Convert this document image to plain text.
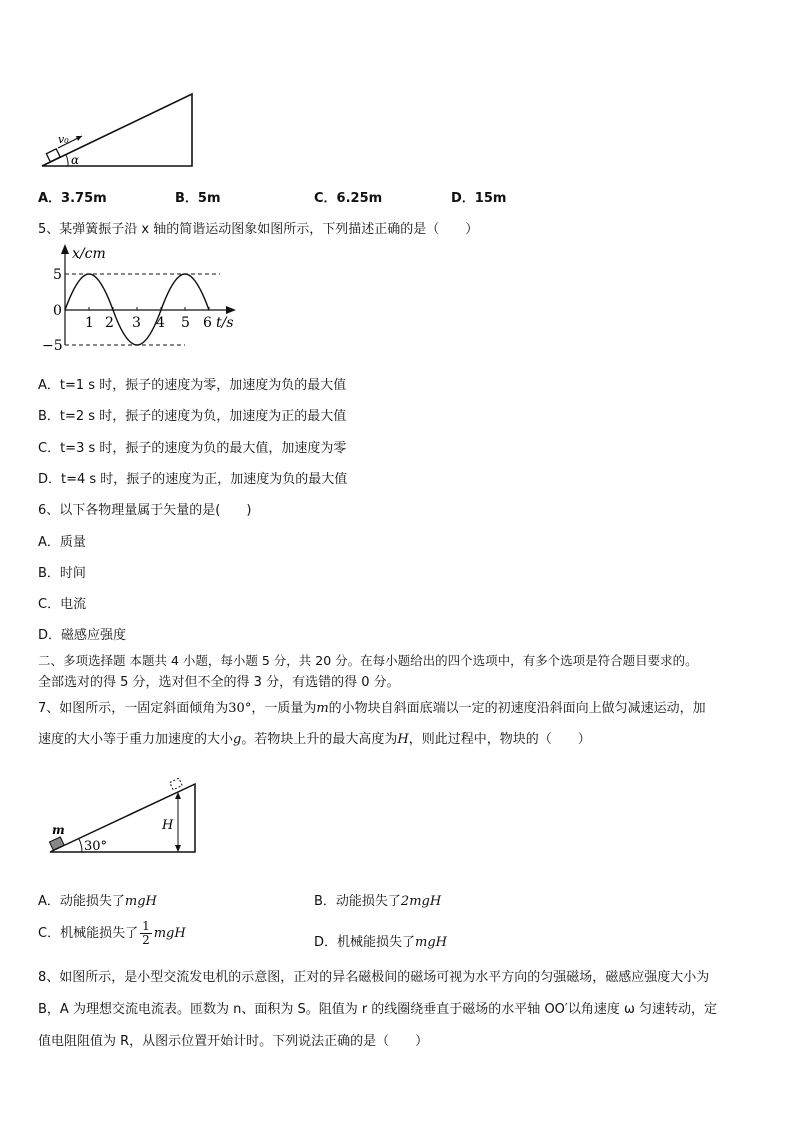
v₀
α
A．3.75m	B．5m	C．6.25m	D．15m
5、某弹簧振子沿 x 轴的简谐运动图象如图所示，下列描述正确的是（　　）
x/cm
t/s
0
5
−5
1 2 3 4 5 6
A．t=1 s 时，振子的速度为零，加速度为负的最大值
B．t=2 s 时，振子的速度为负，加速度为正的最大值
C．t=3 s 时，振子的速度为负的最大值，加速度为零
D．t=4 s 时，振子的速度为正，加速度为负的最大值
6、以下各物理量属于矢量的是(　　)
A．质量
B．时间
C．电流
D．磁感应强度
二、多项选择题 本题共 4 小题，每小题 5 分，共 20 分。在每小题给出的四个选项中，有多个选项是符合题目要求的。
全部选对的得 5 分，选对但不全的得 3 分，有选错的得 0 分。
7、如图所示，一固定斜面倾角为30°，一质量为m的小物块自斜面底端以一定的初速度沿斜面向上做匀减速运动，加
速度的大小等于重力加速度的大小g。若物块上升的最大高度为H，则此过程中，物块的（　　）
m	H
30°
A．动能损失了mgH	B．动能损失了2mgH
C．机械能损失了 $\frac{1}{2}$ mgH
D．机械能损失了mgH
8、如图所示，是小型交流发电机的示意图，正对的异名磁极间的磁场可视为水平方向的匀强磁场，磁感应强度大小为
B，A 为理想交流电流表。匝数为 n、面积为 S。阻值为 r 的线圈绕垂直于磁场的水平轴 OO′以角速度 ω 匀速转动，定
值电阻阻值为 R，从图示位置开始计时。下列说法正确的是（　　）
